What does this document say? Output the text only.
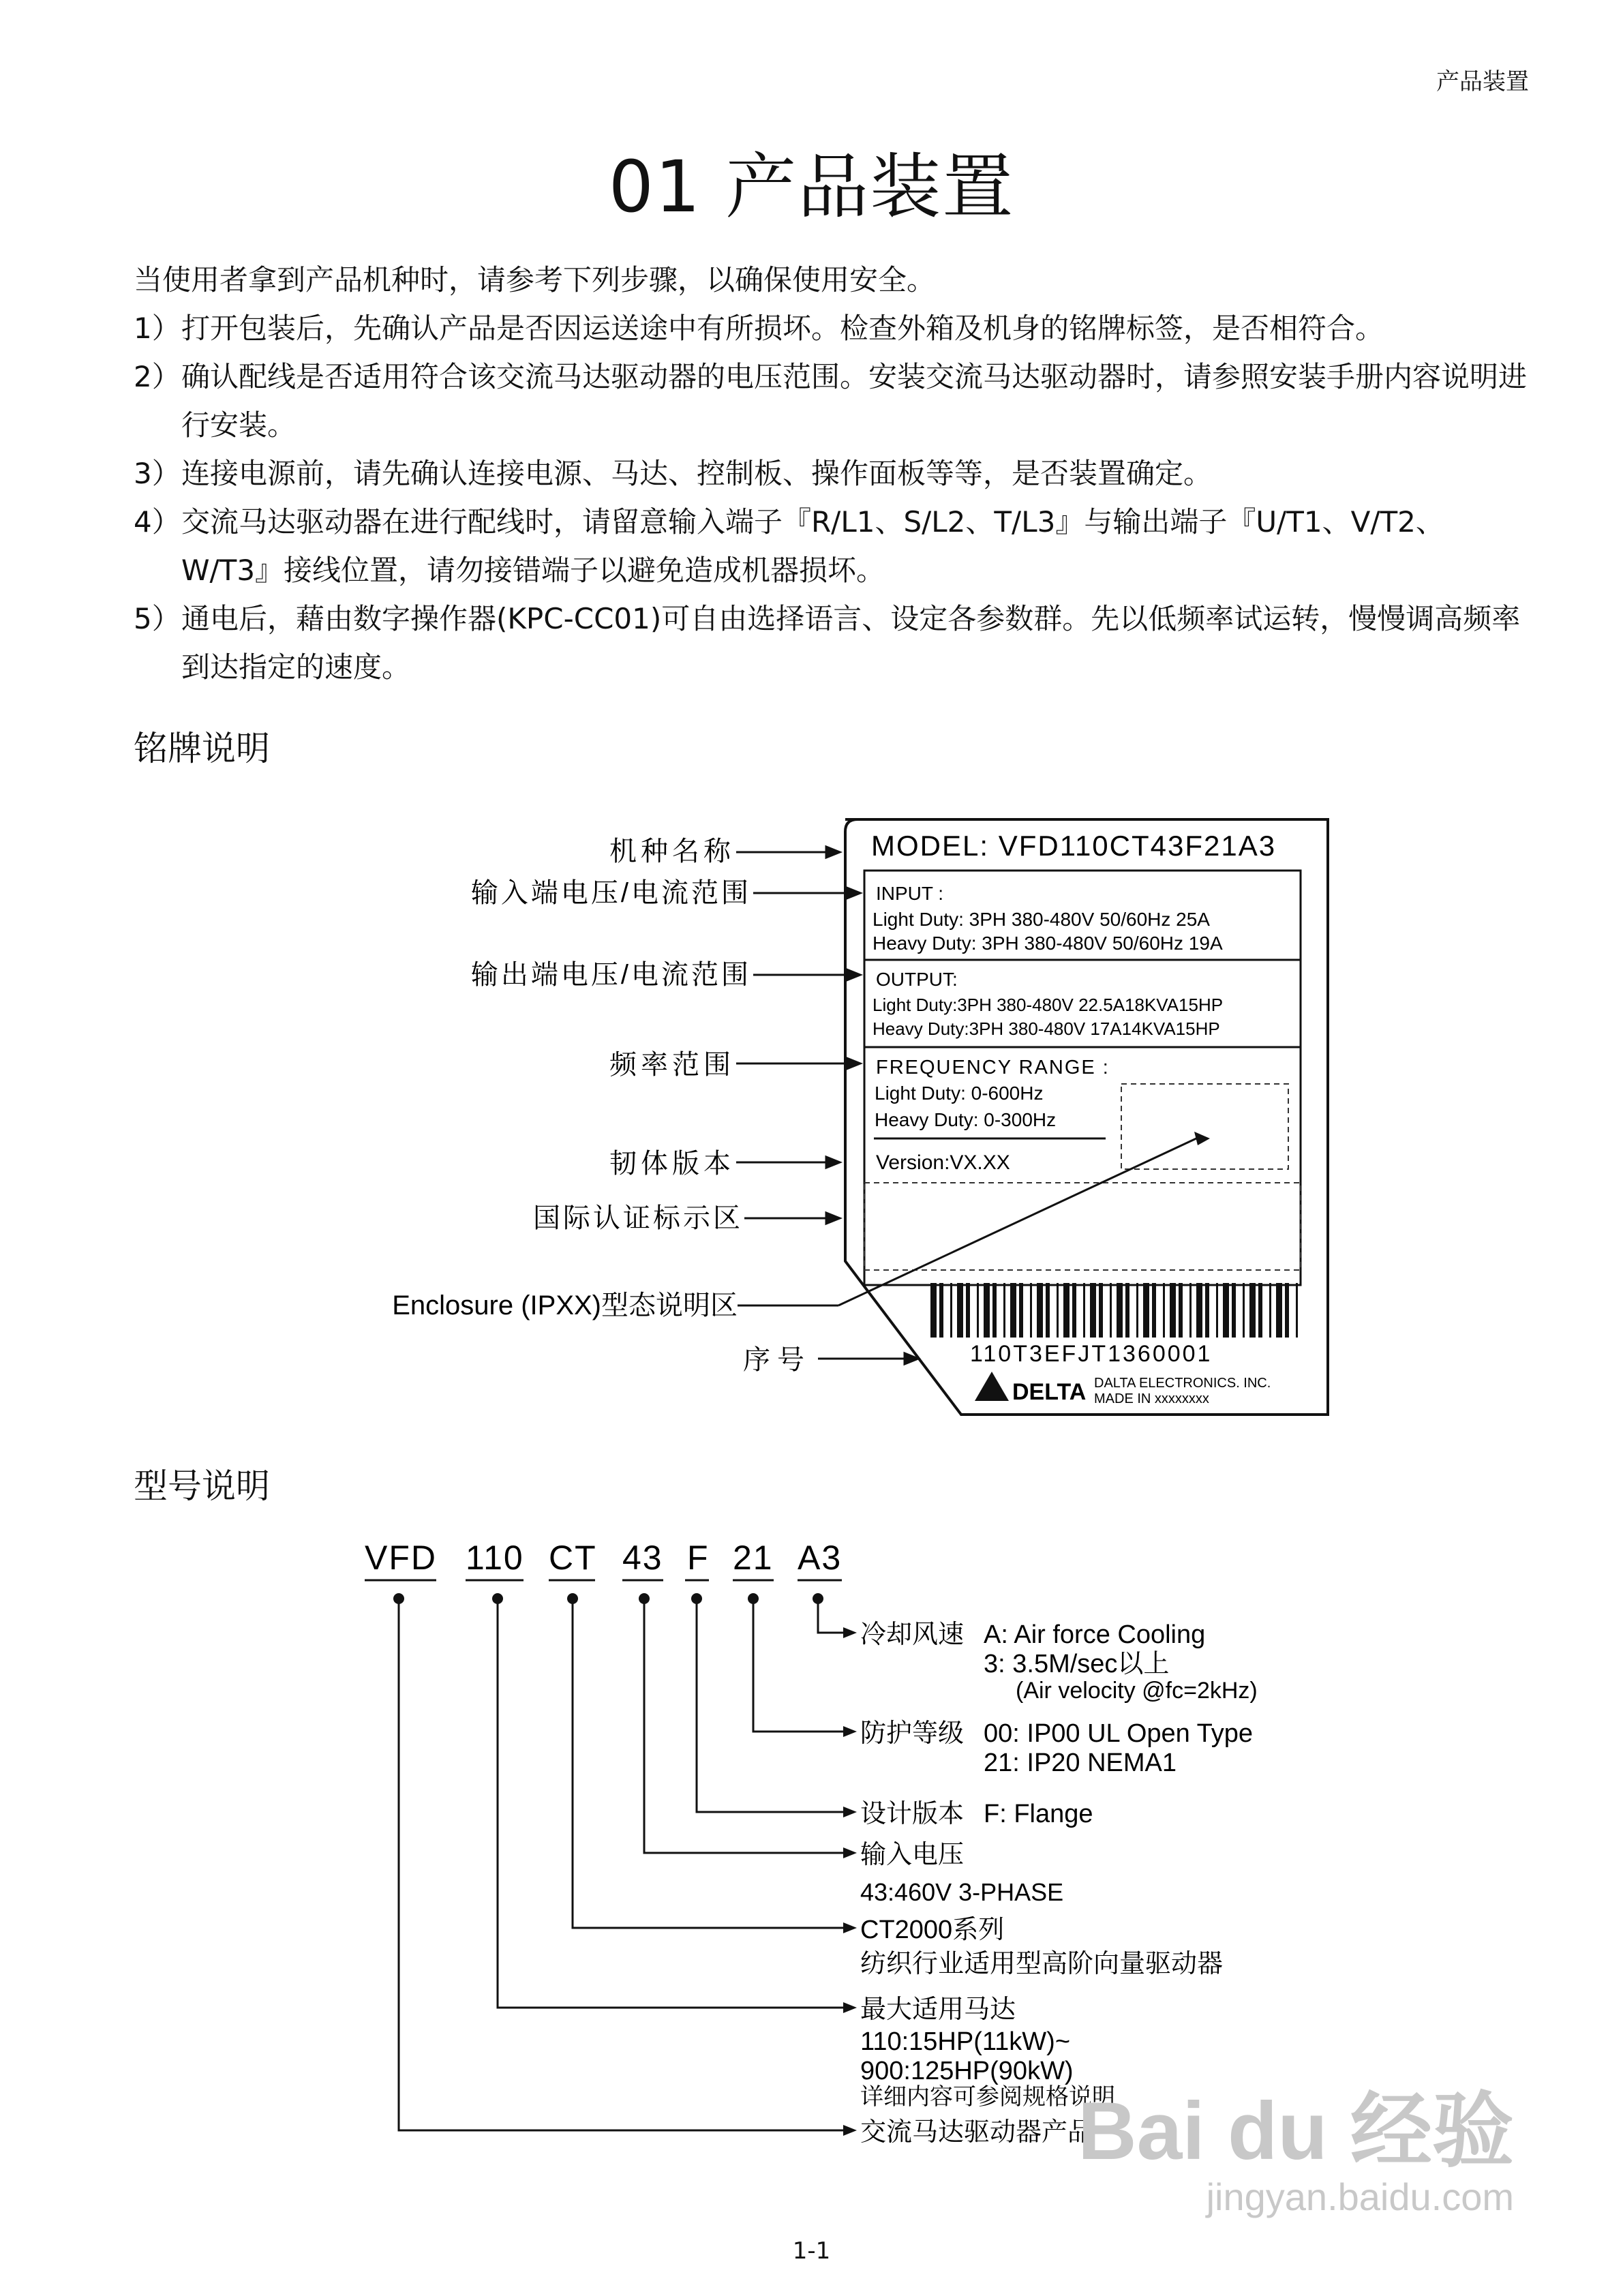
产品装置
01 产品装置

当使用者拿到产品机种时，请参考下列步骤，以确保使用安全。

1）打开包装后，先确认产品是否因运送途中有所损坏。检查外箱及机身的铭牌标签，是否相符合。

2）确认配线是否适用符合该交流马达驱动器的电压范围。安装交流马达驱动器时，请参照安装手册内容说明进行安装。

3）连接电源前，请先确认连接电源、马达、控制板、操作面板等等，是否装置确定。

4）交流马达驱动器在进行配线时，请留意输入端子『R/L1、S/L2、T/L3』与输出端子『U/T1、V/T2、W/T3』接线位置，请勿接错端子以避免造成机器损坏。

5）通电后，藉由数字操作器(KPC-CC01)可自由选择语言、设定各参数群。先以低频率试运转，慢慢调高频率到达指定的速度。

铭牌说明
MODEL: VFD110CT43F21A3
INPUT :
Light Duty: 3PH 380-480V 50/60Hz 25A
Heavy Duty: 3PH 380-480V 50/60Hz 19A
OUTPUT:
Light Duty:3PH 380-480V 22.5A18KVA15HP
Heavy Duty:3PH 380-480V 17A14KVA15HP
FREQUENCY RANGE :
Light Duty: 0-600Hz
Heavy Duty: 0-300Hz
Version:VX.XX
110T3EFJT1360001
DELTA DALTA ELECTRONICS. INC.
MADE IN xxxxxxxx
机种名称
输入端电压/电流范围
输出端电压/电流范围
频率范围
韧体版本
国际认证标示区
Enclosure (IPXX)型态说明区
序号
型号说明
VFD 110 CT 43 F 21 A3
冷却风速 A: Air force Cooling
3: 3.5M/sec以上
(Air velocity @fc=2kHz)
防护等级 00: IP00 UL Open Type
21: IP20 NEMA1
设计版本 F: Flange
输入电压
43:460V 3-PHASE
CT2000系列
纺织行业适用型高阶向量驱动器
最大适用马达
110:15HP(11kW)~
900:125HP(90kW)
详细内容可参阅规格说明
交流马达驱动器产品
Bai du 经验
jingyan.baidu.com
1-1
